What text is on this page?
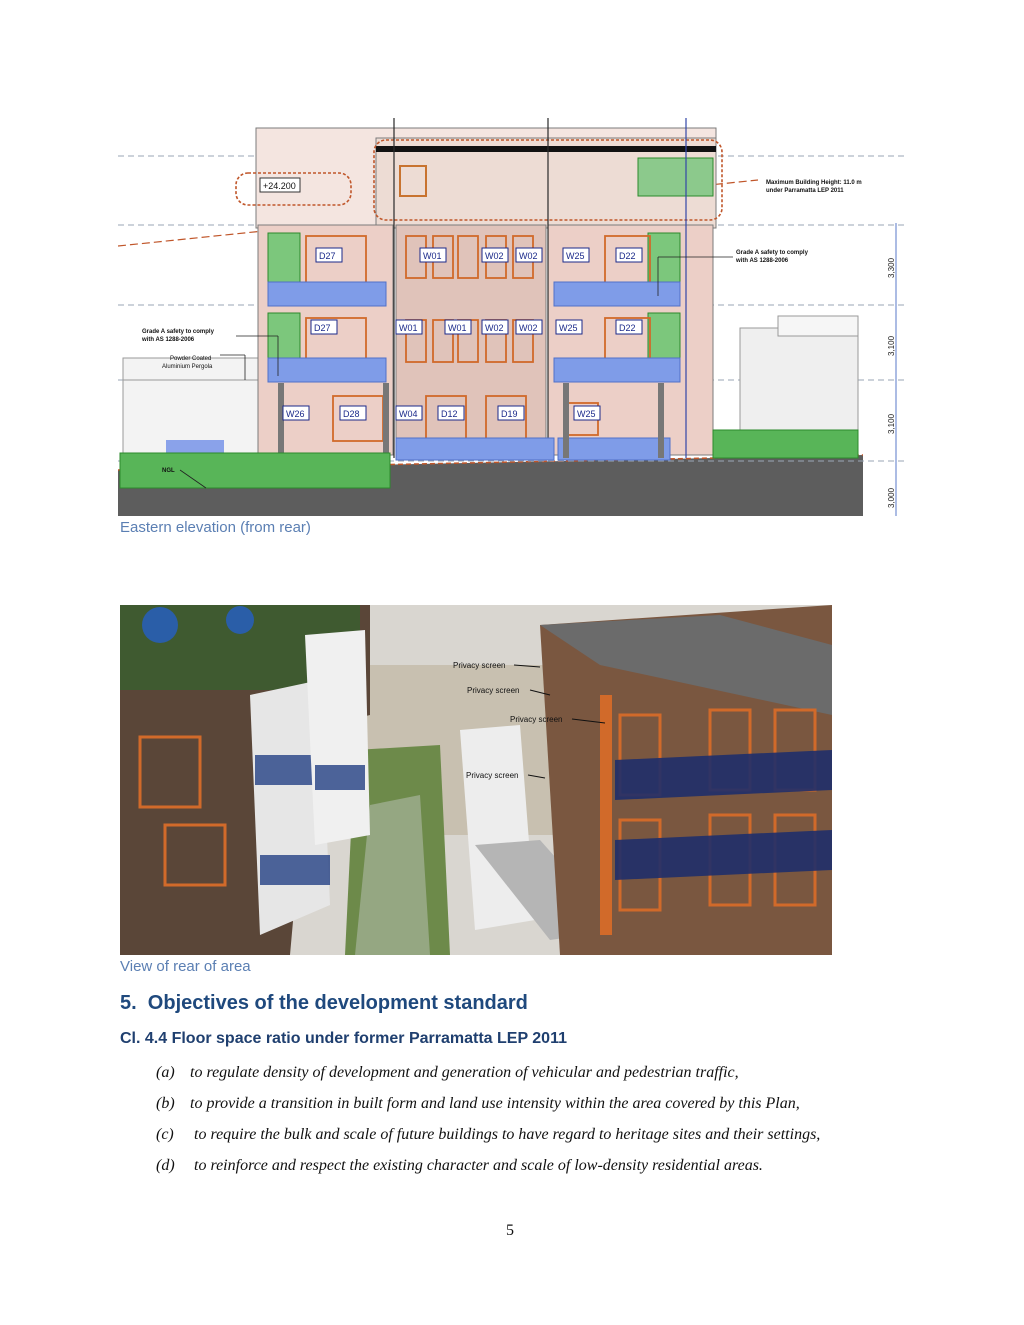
+24.200	Maximum Building Height: 11.0 m
under Parramatta LEP 2011
Grade A safety to comply
with AS 1288-2006
Grade A safety to comply
with AS 1288-2006
Powder Coated
Aluminium Pergola
NGL
3,300
3,100
3,100
3,000
D27	W01	W02 W02	W25	D22
D27	W01	W01 W02 W02 W25	D22
W26	D28	W04	D12	D19	W25
Eastern elevation (from rear)
Privacy screen
Privacy screen
Privacy screen
Privacy screen
View of rear of area
5.  Objectives of the development standard
Cl. 4.4 Floor space ratio under former Parramatta LEP 2011
(a) to regulate density of development and generation of vehicular and pedestrian traffic,
(b) to provide a transition in built form and land use intensity within the area covered by this Plan,
(c) to require the bulk and scale of future buildings to have regard to heritage sites and their settings,
(d) to reinforce and respect the existing character and scale of low-density residential areas.
5
